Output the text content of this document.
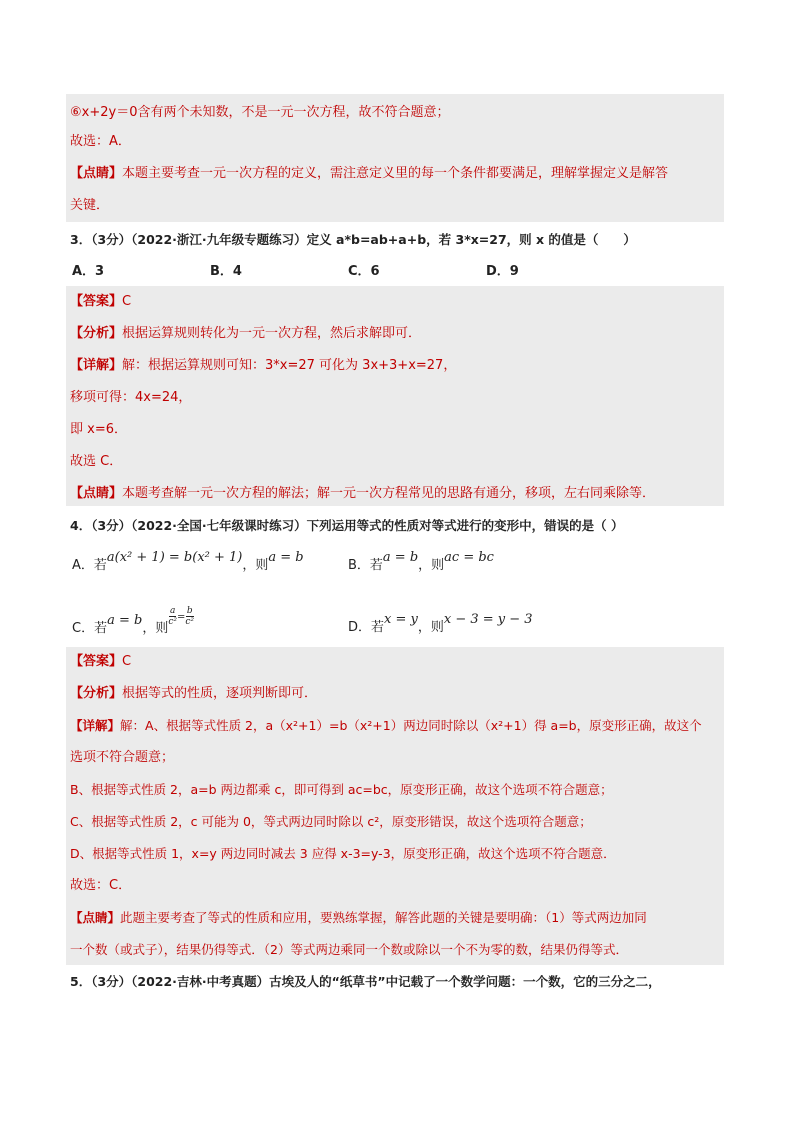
⑥x+2y＝0含有两个未知数，不是一元一次方程，故不符合题意；
故选：A．
【点睛】本题主要考查一元一次方程的定义，需注意定义里的每一个条件都要满足，理解掌握定义是解答
关键．
3．（3分）（2022·浙江·九年级专题练习）定义 a*b=ab+a+b，若 3*x=27，则 x 的值是（　　）
A．3	B．4	C．6	D．9
【答案】C
【分析】根据运算规则转化为一元一次方程，然后求解即可．
【详解】解：根据运算规则可知：3*x=27 可化为 3x+3+x=27，
移项可得：4x=24，
即 x=6．
故选 C．
【点睛】本题考查解一元一次方程的解法；解一元一次方程常见的思路有通分，移项，左右同乘除等．
4．（3分）（2022·全国·七年级课时练习）下列运用等式的性质对等式进行的变形中，错误的是（ ）
A．若a(x² + 1) = b(x² + 1)，则a = b
B．若a = b，则ac = bc
C．若a = b，则
$\frac{a}{\text{c²}} = \frac{b}{\text{c²}}$
D．若x = y，则x − 3 = y − 3
【答案】C
【分析】根据等式的性质，逐项判断即可．
【详解】解：A、根据等式性质 2，a（x²+1）=b（x²+1）两边同时除以（x²+1）得 a=b，原变形正确，故这个
选项不符合题意；
B、根据等式性质 2，a=b 两边都乘 c，即可得到 ac=bc，原变形正确，故这个选项不符合题意；
C、根据等式性质 2，c 可能为 0，等式两边同时除以 c²，原变形错误，故这个选项符合题意；
D、根据等式性质 1，x=y 两边同时减去 3 应得 x-3=y-3，原变形正确，故这个选项不符合题意．
故选：C．
【点睛】此题主要考查了等式的性质和应用，要熟练掌握，解答此题的关键是要明确：（1）等式两边加同
一个数（或式子），结果仍得等式．（2）等式两边乘同一个数或除以一个不为零的数，结果仍得等式．
5．（3分）（2022·吉林·中考真题）古埃及人的“纸草书”中记载了一个数学问题：一个数，它的三分之二，
